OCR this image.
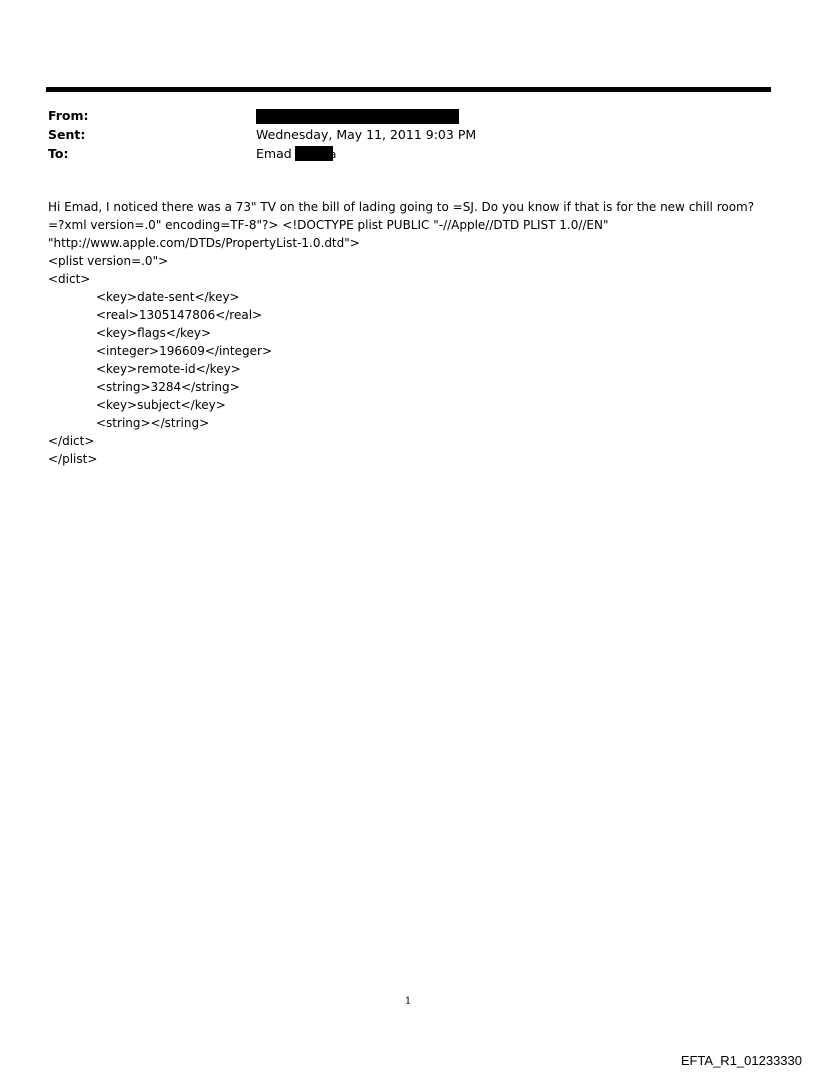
From:
Sent:	Wednesday, May 11, 2011 9:03 PM
To:	Emad	a
Hi Emad, I noticed there was a 73" TV on the bill of lading going to =SJ. Do you know if that is for the new chill room?
=?xml version=.0" encoding=TF-8"?> <!DOCTYPE plist PUBLIC "-//Apple//DTD PLIST 1.0//EN"
"http://www.apple.com/DTDs/PropertyList-1.0.dtd">
<plist version=.0">
<dict>
<key>date-sent</key>
<real>1305147806</real>
<key>flags</key>
<integer>196609</integer>
<key>remote-id</key>
<string>3284</string>
<key>subject</key>
<string></string>
</dict>
</plist>
1
EFTA_R1_01233330
